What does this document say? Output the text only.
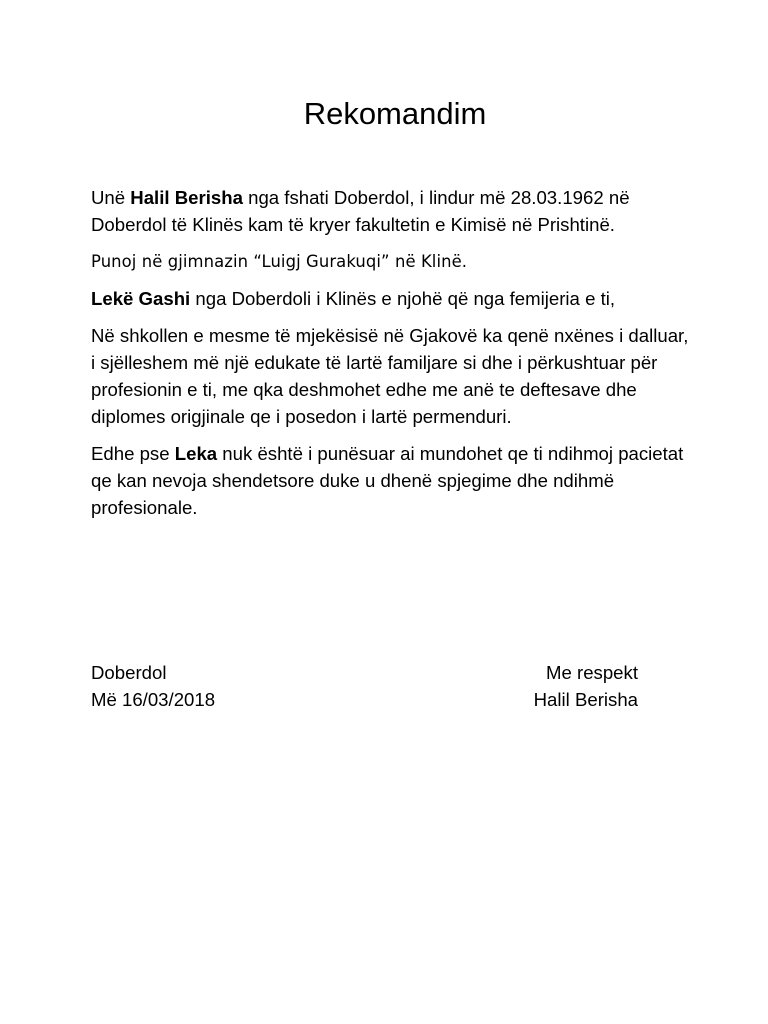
Rekomandim

Unë Halil Berisha nga fshati Doberdol, i lindur më 28.03.1962 në Doberdol të Klinës kam të kryer fakultetin e Kimisë në Prishtinë.

Punoj në gjimnazin “Luigj Gurakuqi” në Klinë.

Lekë Gashi nga Doberdoli i Klinës e njohë që nga femijeria e ti,

Në shkollen e mesme të mjekësisë në Gjakovë ka qenë nxënes i dalluar, i sjëlleshem më një edukate të lartë familjare si dhe i përkushtuar për profesionin e ti, me qka deshmohet edhe me anë te deftesave dhe diplomes origjinale qe i posedon i lartë permenduri.

Edhe pse Leka nuk është i punësuar ai mundohet qe ti ndihmoj pacietat qe kan nevoja shendetsore duke u dhenë spjegime dhe ndihmë profesionale.

Doberdol
Më 16/03/2018
Me respekt
Halil Berisha
